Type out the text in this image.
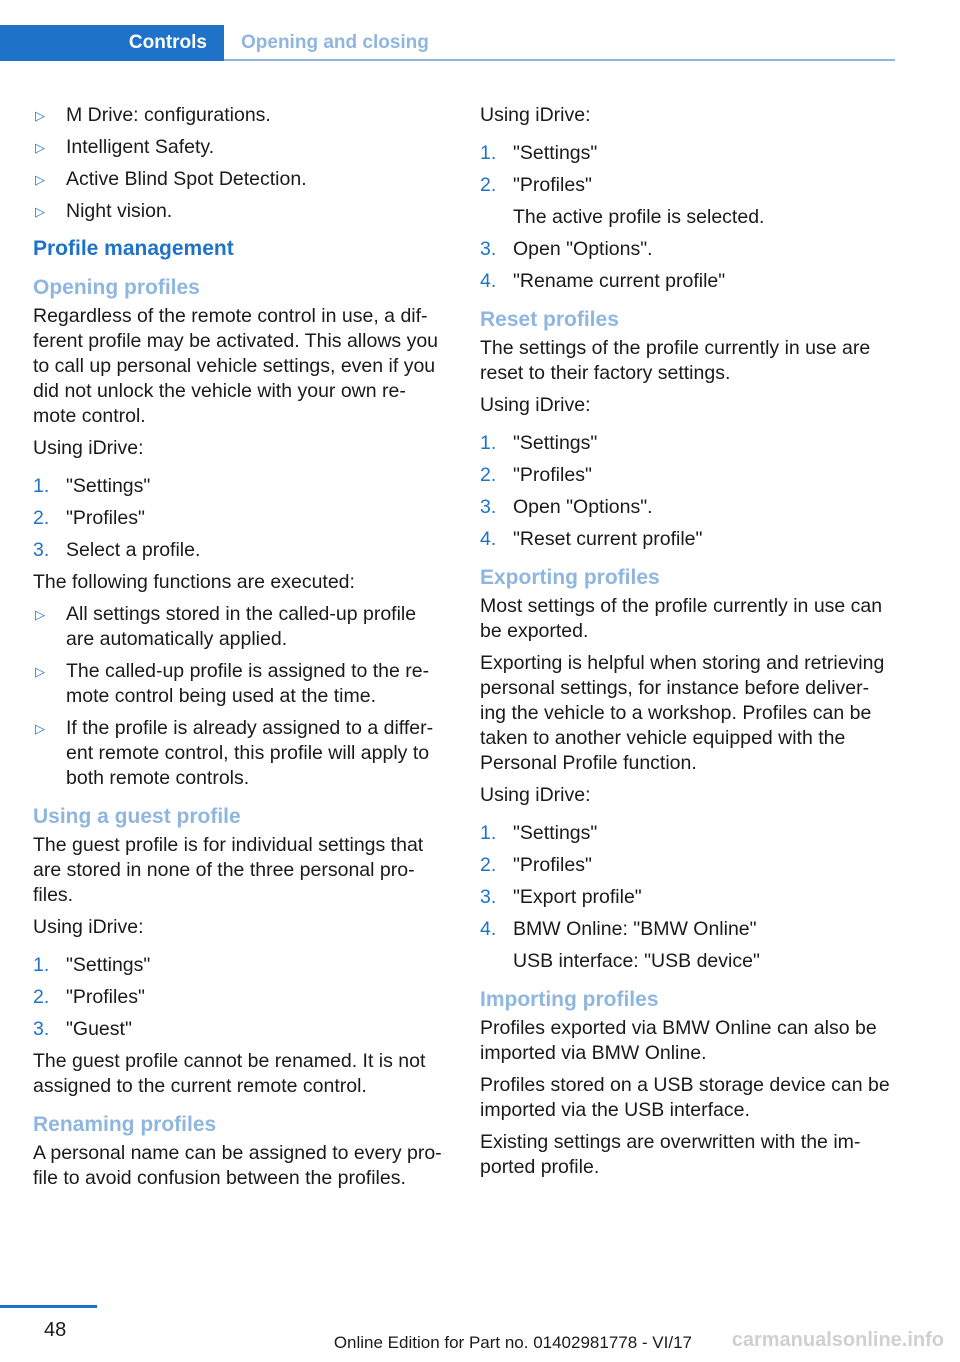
Controls	Opening and closing
▷	M Drive: configurations.
▷	Intelligent Safety.
▷	Active Blind Spot Detection.
▷	Night vision.
Profile management
Opening profiles

Regardless of the remote control in use, a dif‐ferent profile may be activated. This allows you to call up personal vehicle settings, even if you did not unlock the vehicle with your own re‐mote control.

Using iDrive:

1. "Settings"
2. "Profiles"
3. Select a profile.

The following functions are executed:

▷	All settings stored in the called-up profile are automatically applied.
▷	The called-up profile is assigned to the re‐mote control being used at the time.
▷	If the profile is already assigned to a differ‐ent remote control, this profile will apply to both remote controls.
Using a guest profile

The guest profile is for individual settings that are stored in none of the three personal pro‐files.

Using iDrive:

1. "Settings"
2. "Profiles"
3. "Guest"

The guest profile cannot be renamed. It is not assigned to the current remote control.

Renaming profiles

A personal name can be assigned to every pro‐file to avoid confusion between the profiles.

Using iDrive:

1. "Settings"
2. "Profiles"
The active profile is selected.
3. Open "Options".
4. "Rename current profile"
Reset profiles

The settings of the profile currently in use are reset to their factory settings.

Using iDrive:

1. "Settings"
2. "Profiles"
3. Open "Options".
4. "Reset current profile"
Exporting profiles

Most settings of the profile currently in use can be exported.

Exporting is helpful when storing and retrieving personal settings, for instance before deliver‐ing the vehicle to a workshop. Profiles can be taken to another vehicle equipped with the Personal Profile function.

Using iDrive:

1. "Settings"
2. "Profiles"
3. "Export profile"
4. BMW Online: "BMW Online"
USB interface: "USB device"
Importing profiles

Profiles exported via BMW Online can also be imported via BMW Online.

Profiles stored on a USB storage device can be imported via the USB interface.

Existing settings are overwritten with the im‐ported profile.

48
Online Edition for Part no. 01402981778 - VI/17 carmanualsonline.info
